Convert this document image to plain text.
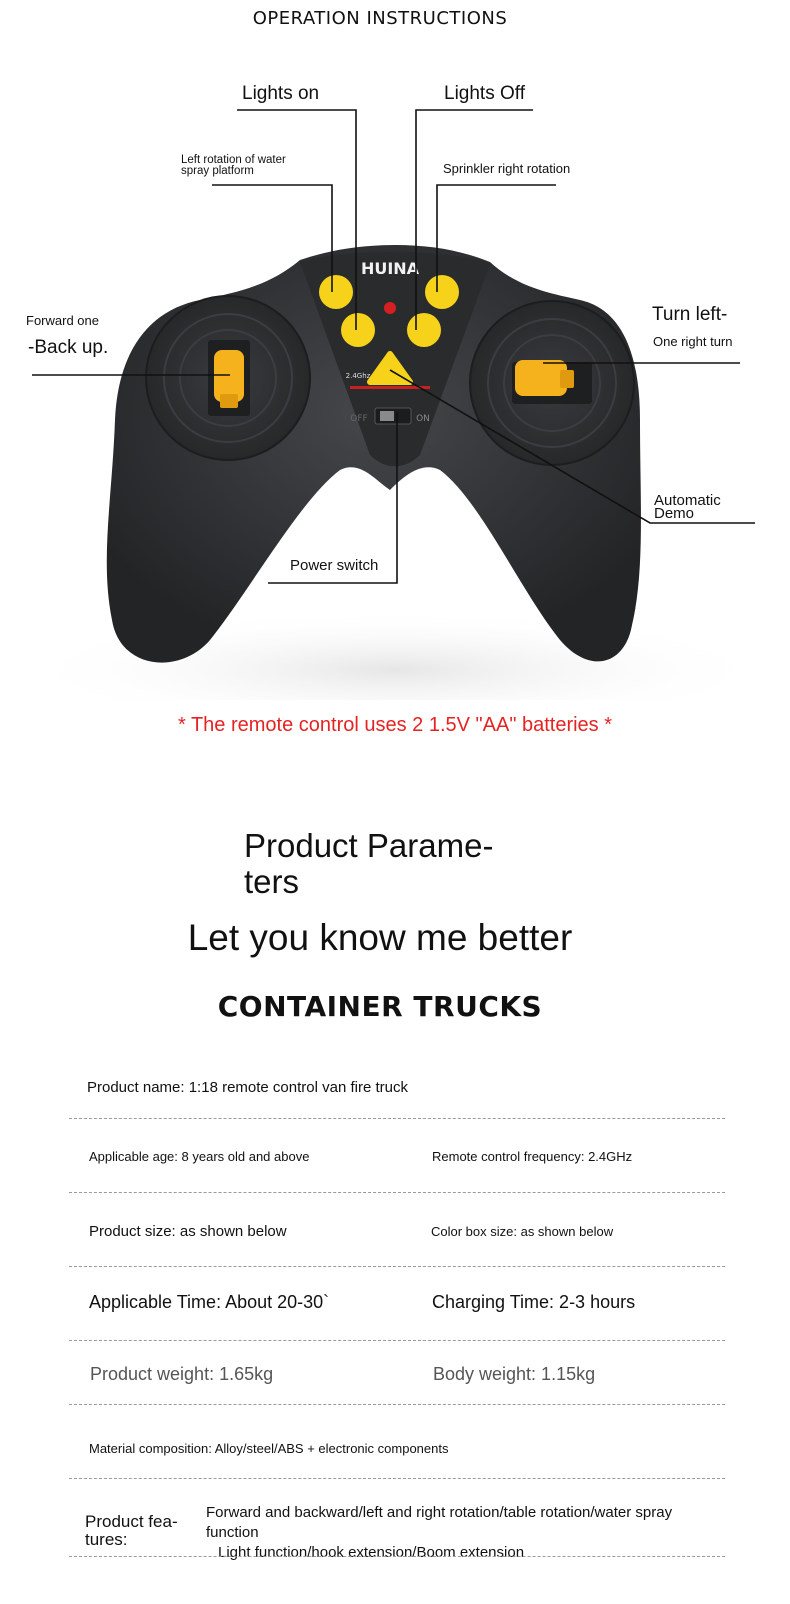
OPERATION INSTRUCTIONS
HUINA
2.4Ghz
OFF	ON
Lights on	Lights Off
Left rotation of water
spray platform	Sprinkler right rotation
Forward one
-Back up.
Turn left-
One right turn
Automatic
Demo
Power switch
* The remote control uses 2 1.5V "AA" batteries *
Product Parame-
ters
Let you know me better
CONTAINER TRUCKS
Product name: 1:18 remote control van fire truck
Applicable age: 8 years old and above	Remote control frequency: 2.4GHz
Product size: as shown below	Color box size: as shown below
Applicable Time: About 20-30`	Charging Time: 2-3 hours
Product weight: 1.65kg	Body weight: 1.15kg
Material composition: Alloy/steel/ABS + electronic components
Product fea-
tures:
Forward and backward/left and right rotation/table rotation/water spray
function
Light function/hook extension/Boom extension
